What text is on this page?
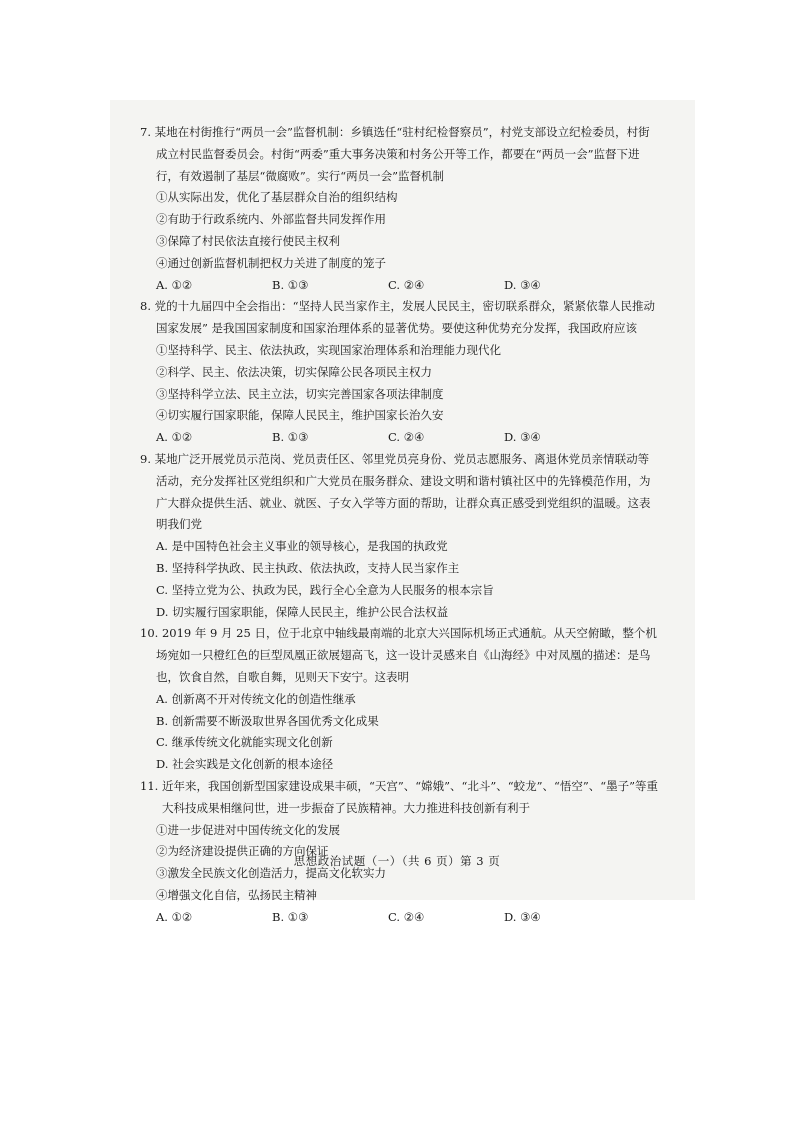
7. 某地在村街推行“两员一会”监督机制：乡镇选任“驻村纪检督察员”，村党支部设立纪检委员，村街成立村民监督委员会。村街“两委”重大事务决策和村务公开等工作，都要在“两员一会”监督下进行，有效遏制了基层“微腐败”。实行“两员一会”监督机制

①从实际出发，优化了基层群众自治的组织结构

②有助于行政系统内、外部监督共同发挥作用

③保障了村民依法直接行使民主权利

④通过创新监督机制把权力关进了制度的笼子

A. ①②	B. ①③	C. ②④	D. ③④

8. 党的十九届四中全会指出：“坚持人民当家作主，发展人民民主，密切联系群众，紧紧依靠人民推动国家发展” 是我国国家制度和国家治理体系的显著优势。要使这种优势充分发挥，我国政府应该

①坚持科学、民主、依法执政，实现国家治理体系和治理能力现代化

②科学、民主、依法决策，切实保障公民各项民主权力

③坚持科学立法、民主立法，切实完善国家各项法律制度

④切实履行国家职能，保障人民民主，维护国家长治久安

A. ①②	B. ①③	C. ②④	D. ③④

9. 某地广泛开展党员示范岗、党员责任区、邻里党员亮身份、党员志愿服务、离退休党员亲情联动等活动，充分发挥社区党组织和广大党员在服务群众、建设文明和谐村镇社区中的先锋模范作用，为广大群众提供生活、就业、就医、子女入学等方面的帮助，让群众真正感受到党组织的温暖。这表明我们党

A. 是中国特色社会主义事业的领导核心，是我国的执政党

B. 坚持科学执政、民主执政、依法执政，支持人民当家作主

C. 坚持立党为公、执政为民，践行全心全意为人民服务的根本宗旨

D. 切实履行国家职能，保障人民民主，维护公民合法权益

10. 2019 年 9 月 25 日，位于北京中轴线最南端的北京大兴国际机场正式通航。从天空俯瞰，整个机场宛如一只橙红色的巨型凤凰正欲展翅高飞，这一设计灵感来自《山海经》中对凤凰的描述：是鸟也，饮食自然，自歌自舞，见则天下安宁。这表明

A. 创新离不开对传统文化的创造性继承

B. 创新需要不断汲取世界各国优秀文化成果

C. 继承传统文化就能实现文化创新

D. 社会实践是文化创新的根本途径

11. 近年来，我国创新型国家建设成果丰硕，“天宫”、“嫦娥”、“北斗”、“蛟龙”、“悟空”、“墨子”等重大科技成果相继问世，进一步振奋了民族精神。大力推进科技创新有利于

①进一步促进对中国传统文化的发展

②为经济建设提供正确的方向保证

③激发全民族文化创造活力，提高文化软实力

④增强文化自信，弘扬民主精神

A. ①②	B. ①③	C. ②④	D. ③④

思想政治试题（一）（共 6 页）第 3 页
